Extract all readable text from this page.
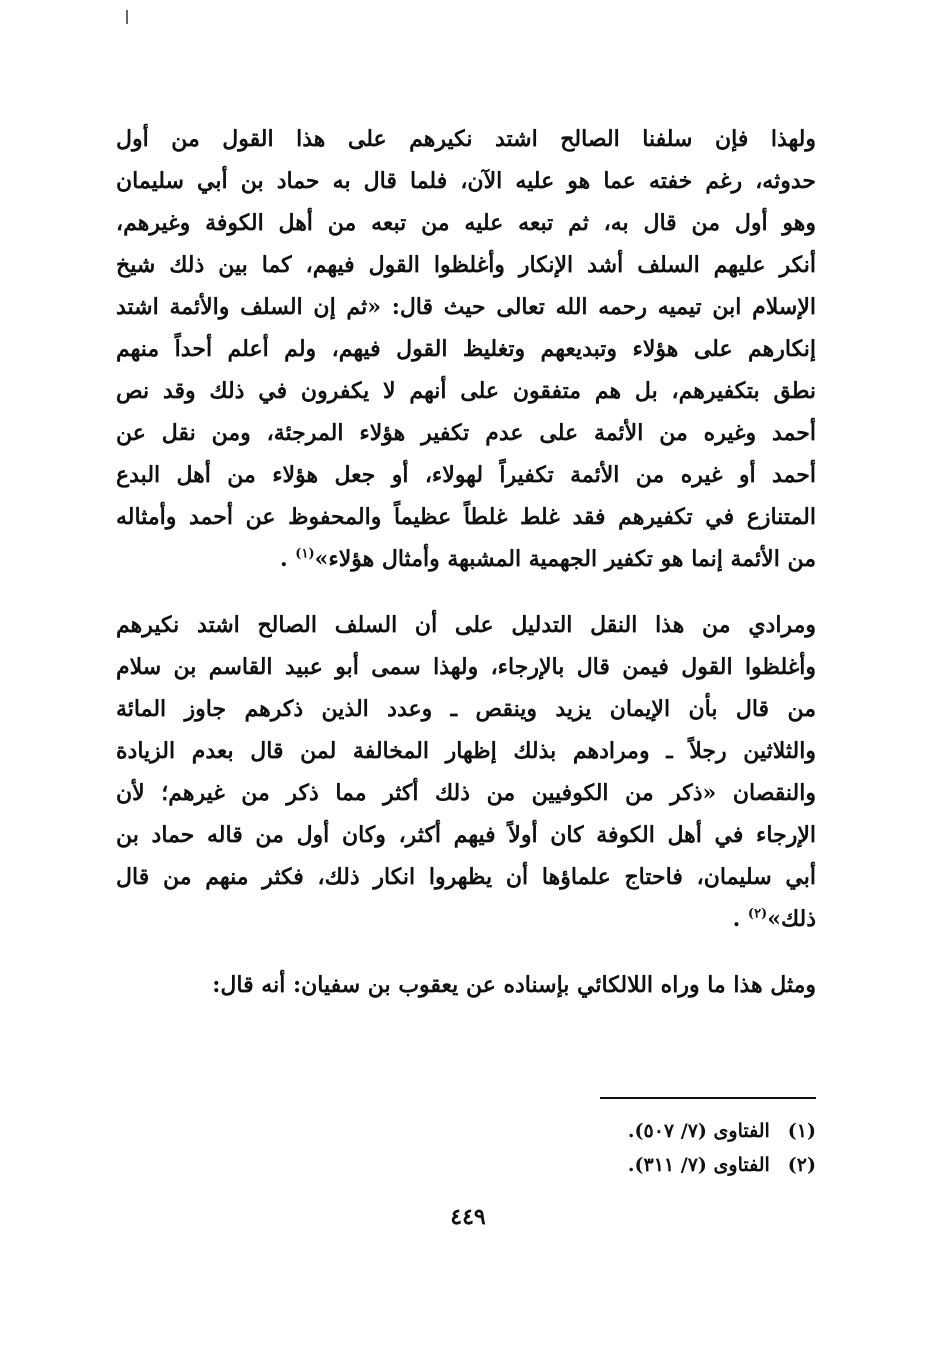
ولهذا فإن سلفنا الصالح اشتد نكيرهم على هذا القول من أول
حدوثه، رغم خفته عما هو عليه الآن، فلما قال به حماد بن أبي سليمان
وهو أول من قال به، ثم تبعه عليه من تبعه من أهل الكوفة وغيرهم،
أنكر عليهم السلف أشد الإنكار وأغلظوا القول فيهم، كما بين ذلك شيخ
الإسلام ابن تيميه رحمه الله تعالى حيث قال: «ثم إن السلف والأئمة اشتد
إنكارهم على هؤلاء وتبديعهم وتغليظ القول فيهم، ولم أعلم أحداً منهم
نطق بتكفيرهم، بل هم متفقون على أنهم لا يكفرون في ذلك وقد نص
أحمد وغيره من الأئمة على عدم تكفير هؤلاء المرجئة، ومن نقل عن
أحمد أو غيره من الأئمة تكفيراً لهولاء، أو جعل هؤلاء من أهل البدع
المتنازع في تكفيرهم فقد غلط غلطاً عظيماً والمحفوظ عن أحمد وأمثاله
من الأئمة إنما هو تكفير الجهمية المشبهة وأمثال هؤلاء»$^{(١)}$ .
ومرادي من هذا النقل التدليل على أن السلف الصالح اشتد نكيرهم
وأغلظوا القول فيمن قال بالإرجاء، ولهذا سمى أبو عبيد القاسم بن سلام
من قال بأن الإيمان يزيد وينقص ـ وعدد الذين ذكرهم جاوز المائة
والثلاثين رجلاً ـ ومرادهم بذلك إظهار المخالفة لمن قال بعدم الزيادة
والنقصان «ذكر من الكوفيين من ذلك أكثر مما ذكر من غيرهم؛ لأن
الإرجاء في أهل الكوفة كان أولاً فيهم أكثر، وكان أول من قاله حماد بن
أبي سليمان، فاحتاج علماؤها أن يظهروا انكار ذلك، فكثر منهم من قال
ذلك»$^{(٢)}$ .
ومثل هذا ما وراه اللالكائي بإسناده عن يعقوب بن سفيان: أنه قال:
(١)الفتاوى (٧/ ٥٠٧).
(٢)الفتاوى (٧/ ٣١١).
٤٤٩
